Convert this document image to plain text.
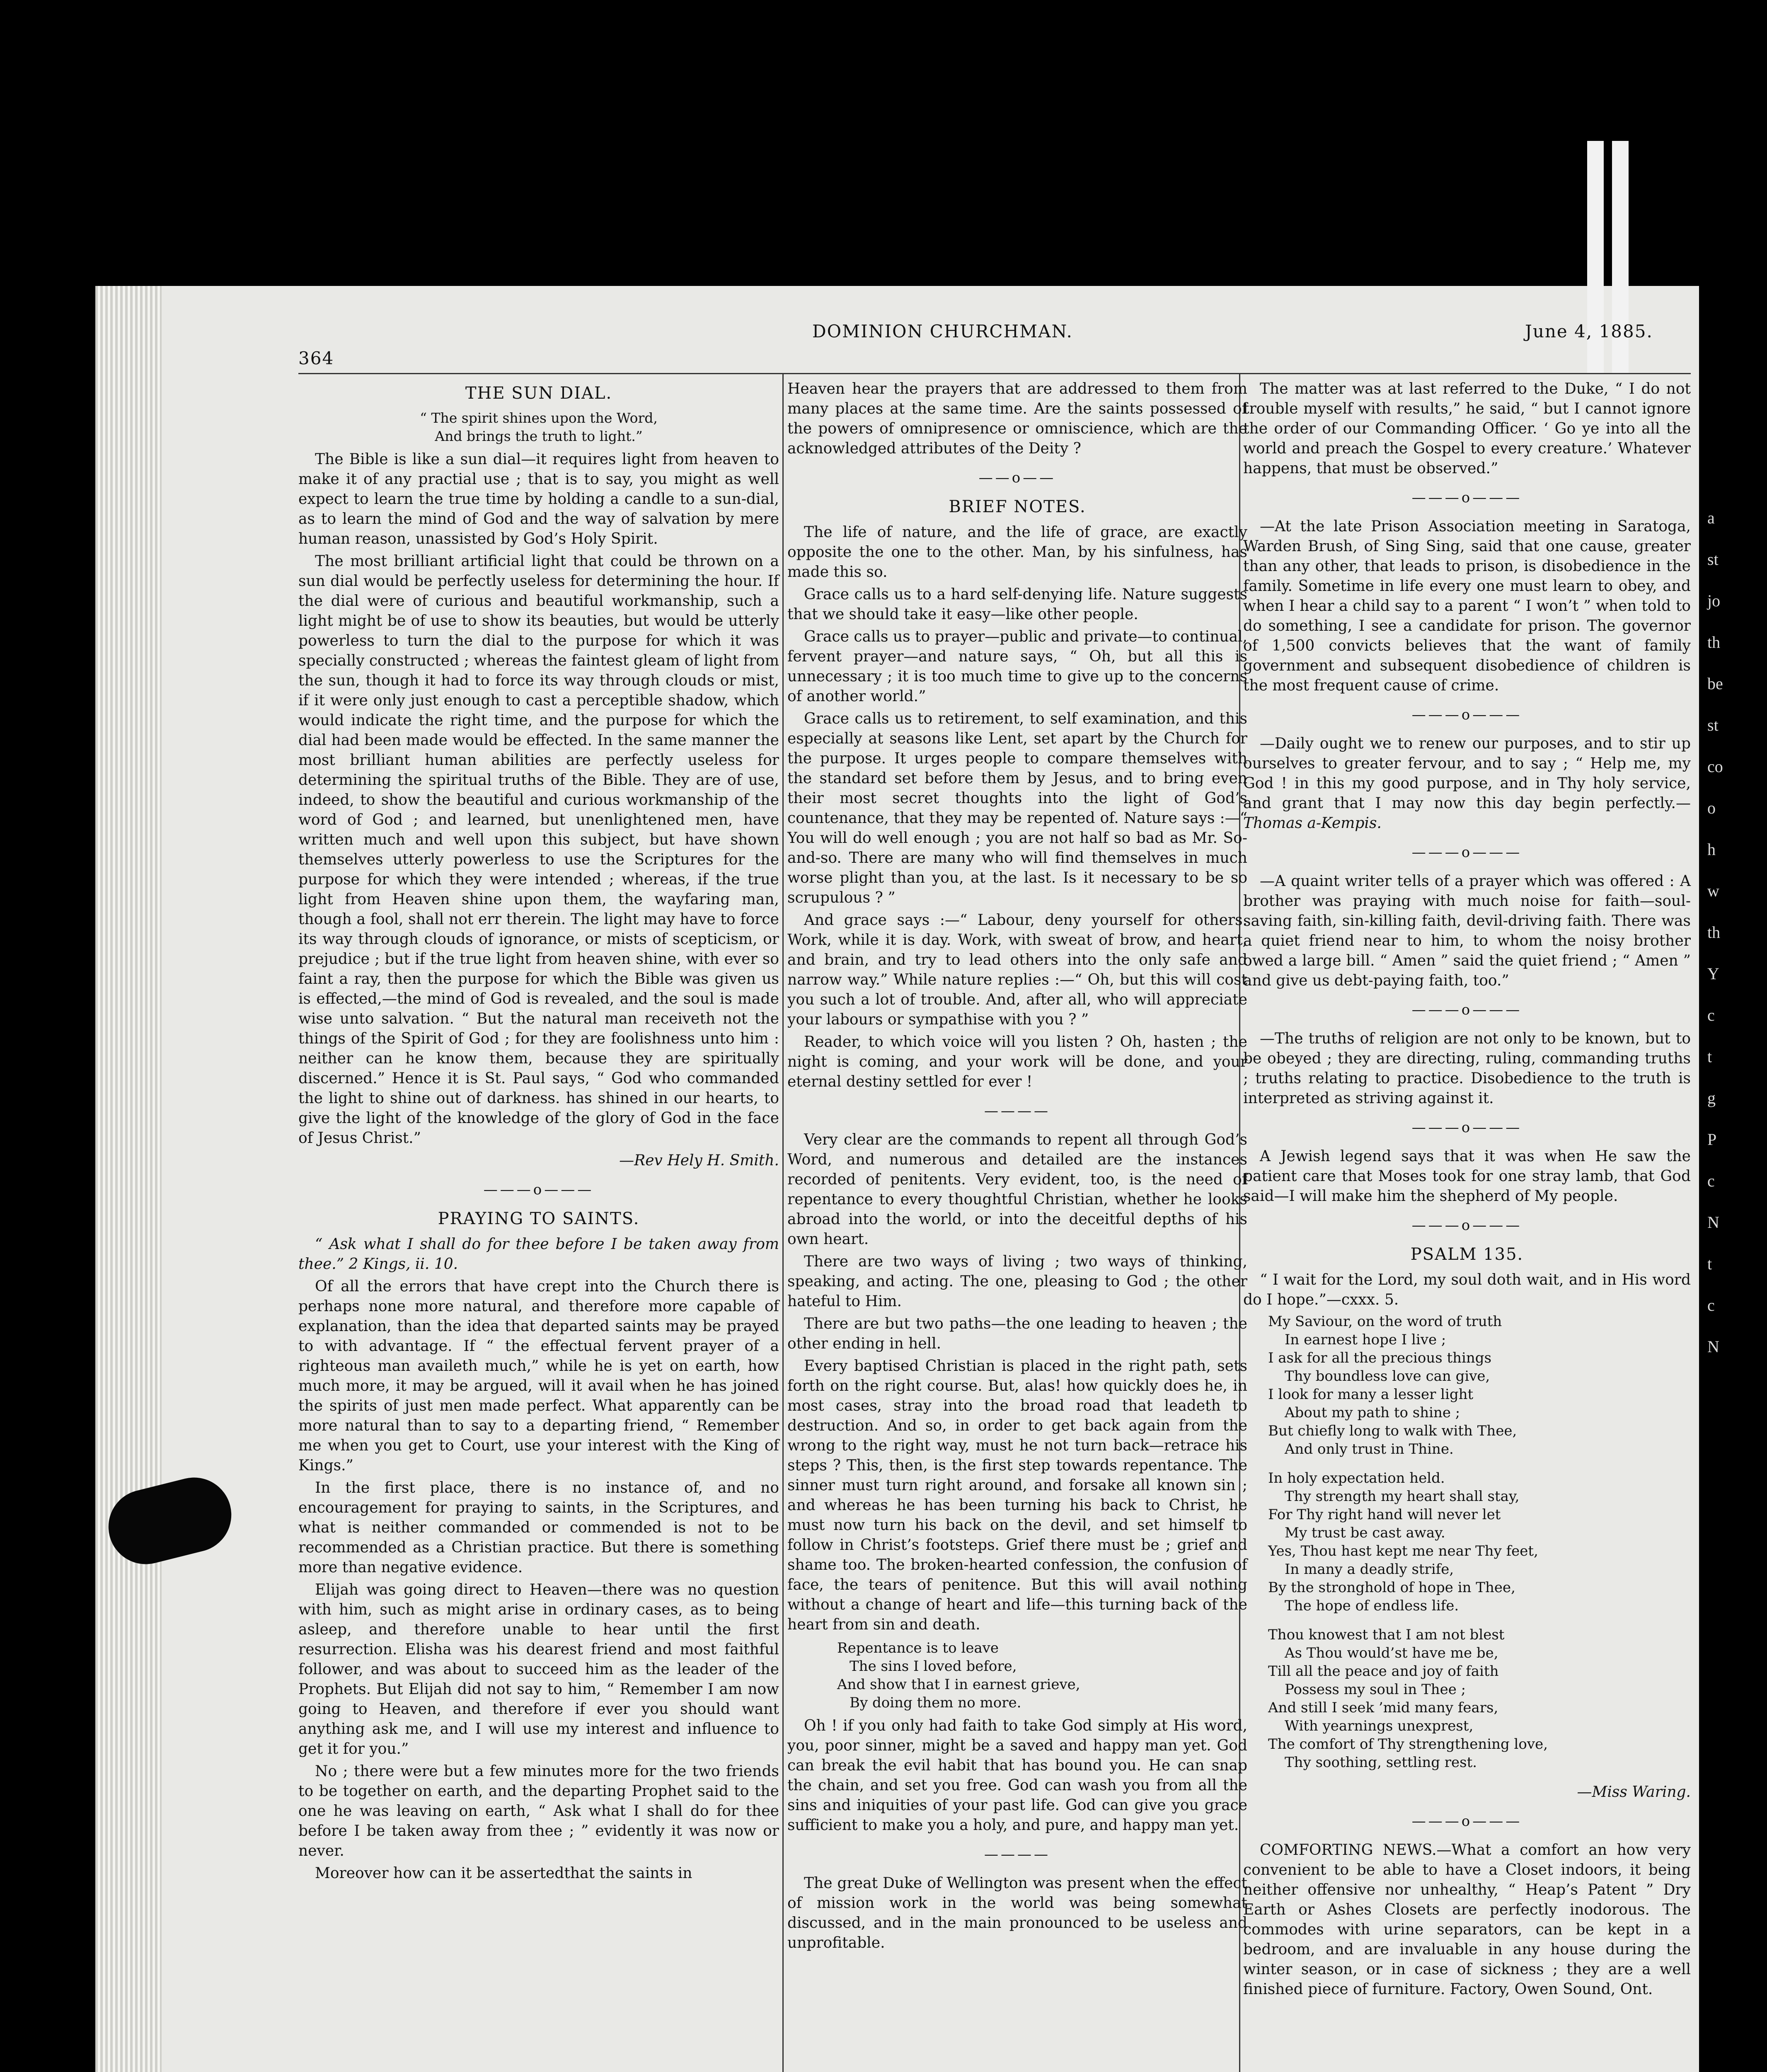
364
DOMINION CHURCHMAN.	June 4, 1885.
THE SUN DIAL.
“ The spirit shines upon the Word,
And brings the truth to light.”

The Bible is like a sun dial—it requires light from heaven to make it of any practial use ; that is to say, you might as well expect to learn the true time by holding a candle to a sun-dial, as to learn the mind of God and the way of salvation by mere human reason, unassisted by God’s Holy Spirit.

The most brilliant artificial light that could be thrown on a sun dial would be perfectly useless for determining the hour. If the dial were of curious and beautiful workmanship, such a light might be of use to show its beauties, but would be utterly powerless to turn the dial to the purpose for which it was specially constructed ; whereas the faintest gleam of light from the sun, though it had to force its way through clouds or mist, if it were only just enough to cast a perceptible shadow, which would indicate the right time, and the purpose for which the dial had been made would be effected. In the same manner the most brilliant human abilities are perfectly useless for determining the spiritual truths of the Bible. They are of use, indeed, to show the beautiful and curious workmanship of the word of God ; and learned, but unenlightened men, have written much and well upon this subject, but have shown themselves utterly powerless to use the Scriptures for the purpose for which they were intended ; whereas, if the true light from Heaven shine upon them, the wayfaring man, though a fool, shall not err therein. The light may have to force its way through clouds of ignorance, or mists of scepticism, or prejudice ; but if the true light from heaven shine, with ever so faint a ray, then the purpose for which the Bible was given us is effected,—the mind of God is revealed, and the soul is made wise unto salvation. “ But the natural man receiveth not the things of the Spirit of God ; for they are foolishness unto him : neither can he know them, because they are spiritually discerned.” Hence it is St. Paul says, “ God who commanded the light to shine out of darkness. has shined in our hearts, to give the light of the knowledge of the glory of God in the face of Jesus Christ.”

—Rev Hely H. Smith.
———o———
PRAYING TO SAINTS.

“ Ask what I shall do for thee before I be taken away from thee.” 2 Kings, ii. 10.

Of all the errors that have crept into the Church there is perhaps none more natural, and therefore more capable of explanation, than the idea that departed saints may be prayed to with advantage. If “ the effectual fervent prayer of a righteous man availeth much,” while he is yet on earth, how much more, it may be argued, will it avail when he has joined the spirits of just men made perfect. What apparently can be more natural than to say to a departing friend, “ Remember me when you get to Court, use your interest with the King of Kings.”

In the first place, there is no instance of, and no encouragement for praying to saints, in the Scriptures, and what is neither commanded or commended is not to be recommended as a Christian practice. But there is something more than negative evidence.

Elijah was going direct to Heaven—there was no question with him, such as might arise in ordinary cases, as to being asleep, and therefore unable to hear until the first resurrection. Elisha was his dearest friend and most faithful follower, and was about to succeed him as the leader of the Prophets. But Elijah did not say to him, “ Remember I am now going to Heaven, and therefore if ever you should want anything ask me, and I will use my interest and influence to get it for you.”

No ; there were but a few minutes more for the two friends to be together on earth, and the departing Prophet said to the one he was leaving on earth, “ Ask what I shall do for thee before I be taken away from thee ; ” evidently it was now or never.

Moreover how can it be assertedthat the saints in

Heaven hear the prayers that are addressed to them from many places at the same time. Are the saints possessed of the powers of omnipresence or omniscience, which are the acknowledged attributes of the Deity ?

——o——
BRIEF NOTES.

The life of nature, and the life of grace, are exactly opposite the one to the other. Man, by his sinfulness, has made this so.

Grace calls us to a hard self-denying life. Nature suggests that we should take it easy—like other people.

Grace calls us to prayer—public and private—to continual, fervent prayer—and nature says, “ Oh, but all this is unnecessary ; it is too much time to give up to the concerns of another world.”

Grace calls us to retirement, to self examination, and this especially at seasons like Lent, set apart by the Church for the purpose. It urges people to compare themselves with the standard set before them by Jesus, and to bring even their most secret thoughts into the light of God’s countenance, that they may be repented of. Nature says :—“ You will do well enough ; you are not half so bad as Mr. So-and-so. There are many who will find themselves in much worse plight than you, at the last. Is it necessary to be so scrupulous ? ”

And grace says :—“ Labour, deny yourself for others. Work, while it is day. Work, with sweat of brow, and heart, and brain, and try to lead others into the only safe and narrow way.” While nature replies :—“ Oh, but this will cost you such a lot of trouble. And, after all, who will appreciate your labours or sympathise with you ? ”

Reader, to which voice will you listen ? Oh, hasten ; the night is coming, and your work will be done, and your eternal destiny settled for ever !

————

Very clear are the commands to repent all through God’s Word, and numerous and detailed are the instances recorded of penitents. Very evident, too, is the need of repentance to every thoughtful Christian, whether he looks abroad into the world, or into the deceitful depths of his own heart.

There are two ways of living ; two ways of thinking, speaking, and acting. The one, pleasing to God ; the other hateful to Him.

There are but two paths—the one leading to heaven ; the other ending in hell.

Every baptised Christian is placed in the right path, sets forth on the right course. But, alas! how quickly does he, in most cases, stray into the broad road that leadeth to destruction. And so, in order to get back again from the wrong to the right way, must he not turn back—retrace his steps ? This, then, is the first step towards repentance. The sinner must turn right around, and forsake all known sin ; and whereas he has been turning his back to Christ, he must now turn his back on the devil, and set himself to follow in Christ’s footsteps. Grief there must be ; grief and shame too. The broken-hearted confession, the confusion of face, the tears of penitence. But this will avail nothing without a change of heart and life—this turning back of the heart from sin and death.

Repentance is to leave
The sins I loved before,
And show that I in earnest grieve,
By doing them no more.

Oh ! if you only had faith to take God simply at His word, you, poor sinner, might be a saved and happy man yet. God can break the evil habit that has bound you. He can snap the chain, and set you free. God can wash you from all the sins and iniquities of your past life. God can give you grace sufficient to make you a holy, and pure, and happy man yet.

————

The great Duke of Wellington was present when the effect of mission work in the world was being somewhat discussed, and in the main pronounced to be useless and unprofitable.

The matter was at last referred to the Duke, “ I do not trouble myself with results,” he said, “ but I cannot ignore the order of our Commanding Officer. ‘ Go ye into all the world and preach the Gospel to every creature.’ Whatever happens, that must be observed.”

———o———

—At the late Prison Association meeting in Saratoga, Warden Brush, of Sing Sing, said that one cause, greater than any other, that leads to prison, is disobedience in the family. Sometime in life every one must learn to obey, and when I hear a child say to a parent “ I won’t ” when told to do something, I see a candidate for prison. The governor of 1,500 convicts believes that the want of family government and subsequent disobedience of children is the most frequent cause of crime.

———o———

—Daily ought we to renew our purposes, and to stir up ourselves to greater fervour, and to say ; “ Help me, my God ! in this my good purpose, and in Thy holy service, and grant that I may now this day begin perfectly.—Thomas a-Kempis.

———o———

—A quaint writer tells of a prayer which was offered : A brother was praying with much noise for faith—soul-saving faith, sin-killing faith, devil-driving faith. There was a quiet friend near to him, to whom the noisy brother owed a large bill. “ Amen ” said the quiet friend ; “ Amen ” and give us debt-paying faith, too.”

———o———

—The truths of religion are not only to be known, but to be obeyed ; they are directing, ruling, commanding truths ; truths relating to practice. Disobedience to the truth is interpreted as striving against it.

———o———

A Jewish legend says that it was when He saw the patient care that Moses took for one stray lamb, that God said—I will make him the shepherd of My people.

———o———
PSALM 135.

“ I wait for the Lord, my soul doth wait, and in His word do I hope.”—cxxx. 5.

My Saviour, on the word of truth
In earnest hope I live ;
I ask for all the precious things
Thy boundless love can give,
I look for many a lesser light
About my path to shine ;
But chiefly long to walk with Thee,
And only trust in Thine.
In holy expectation held.
Thy strength my heart shall stay,
For Thy right hand will never let
My trust be cast away.
Yes, Thou hast kept me near Thy feet,
In many a deadly strife,
By the stronghold of hope in Thee,
The hope of endless life.
Thou knowest that I am not blest
As Thou would’st have me be,
Till all the peace and joy of faith
Possess my soul in Thee ;
And still I seek ’mid many fears,
With yearnings unexprest,
The comfort of Thy strengthening love,
Thy soothing, settling rest.
—Miss Waring.
———o———

COMFORTING NEWS.—What a comfort an how very convenient to be able to have a Closet indoors, it being neither offensive nor unhealthy, “ Heap’s Patent ” Dry Earth or Ashes Closets are perfectly inodorous. The commodes with urine separators, can be kept in a bedroom, and are invaluable in any house during the winter season, or in case of sickness ; they are a well finished piece of furniture. Factory, Owen Sound, Ont.

a
st
jo
th
be
st
co
o
h
w
th
Y
c
t
g
P
c
N
t
c
N
